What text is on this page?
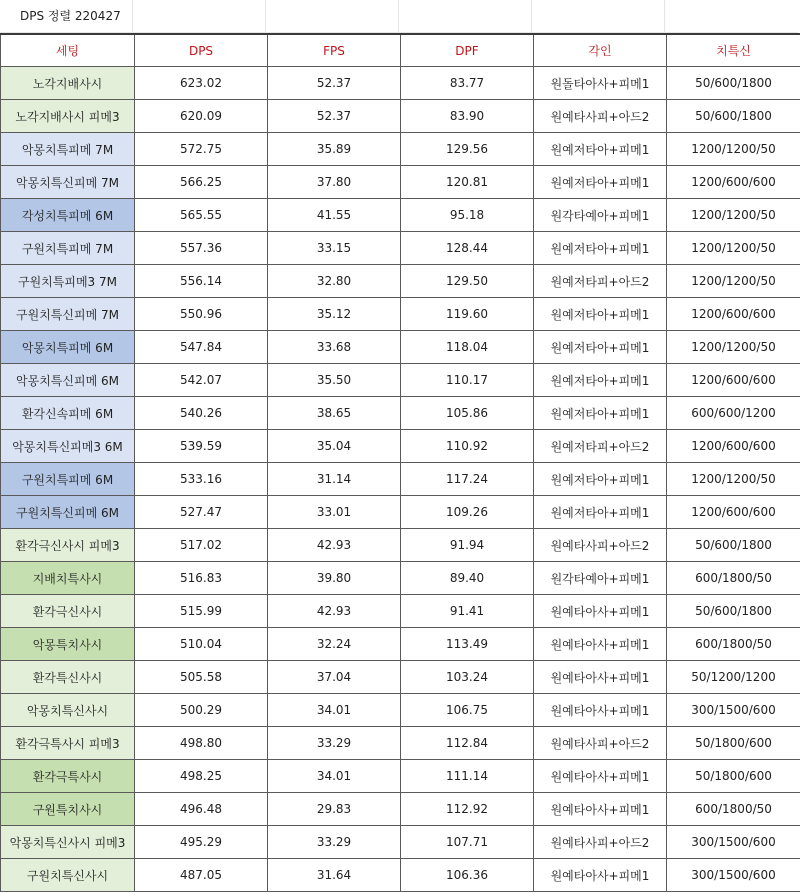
DPS 정렬 220427
세팅	DPS	FPS	DPF	각인	치특신
노각지배사시	623.02	52.37	83.77	원돌타아사+피메1	50/600/1800
노각지배사시 피메3	620.09	52.37	83.90	원예타사피+아드2	50/600/1800
악몽치특피메 7M	572.75	35.89	129.56	원예저타아+피메1	1200/1200/50
악몽치특신피메 7M	566.25	37.80	120.81	원예저타아+피메1	1200/600/600
각성치특피메 6M	565.55	41.55	95.18	원각타예아+피메1	1200/1200/50
구원치특피메 7M	557.36	33.15	128.44	원예저타아+피메1	1200/1200/50
구원치특피메3 7M	556.14	32.80	129.50	원예저타피+아드2	1200/1200/50
구원치특신피메 7M	550.96	35.12	119.60	원예저타아+피메1	1200/600/600
악몽치특피메 6M	547.84	33.68	118.04	원예저타아+피메1	1200/1200/50
악몽치특신피메 6M	542.07	35.50	110.17	원예저타아+피메1	1200/600/600
환각신속피메 6M	540.26	38.65	105.86	원예저타아+피메1	600/600/1200
악몽치특신피메3 6M	539.59	35.04	110.92	원예저타피+아드2	1200/600/600
구원치특피메 6M	533.16	31.14	117.24	원예저타아+피메1	1200/1200/50
구원치특신피메 6M	527.47	33.01	109.26	원예저타아+피메1	1200/600/600
환각극신사시 피메3	517.02	42.93	91.94	원예타사피+아드2	50/600/1800
지배치특사시	516.83	39.80	89.40	원각타예아+피메1	600/1800/50
환각극신사시	515.99	42.93	91.41	원예타아사+피메1	50/600/1800
악몽특치사시	510.04	32.24	113.49	원예타아사+피메1	600/1800/50
환각특신사시	505.58	37.04	103.24	원예타아사+피메1	50/1200/1200
악몽치특신사시	500.29	34.01	106.75	원예타아사+피메1	300/1500/600
환각극특사시 피메3	498.80	33.29	112.84	원예타사피+아드2	50/1800/600
환각극특사시	498.25	34.01	111.14	원예타아사+피메1	50/1800/600
구원특치사시	496.48	29.83	112.92	원예타아사+피메1	600/1800/50
악몽치특신사시 피메3	495.29	33.29	107.71	원예타사피+아드2	300/1500/600
구원치특신사시	487.05	31.64	106.36	원예타아사+피메1	300/1500/600
